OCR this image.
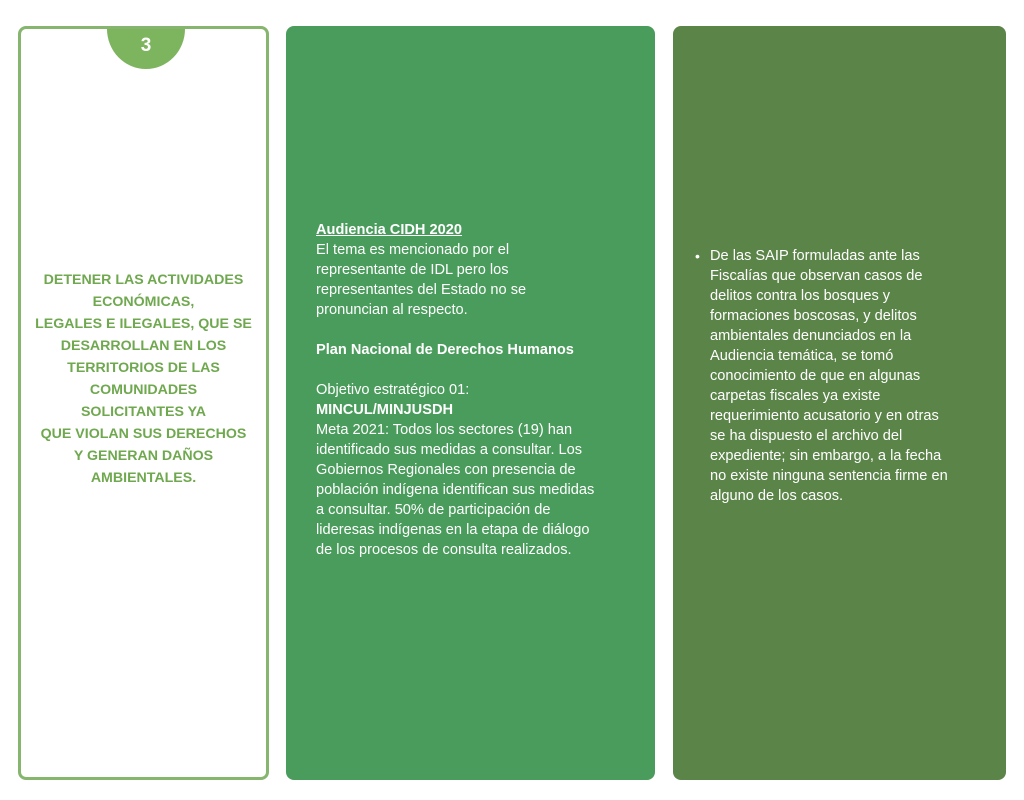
3
DETENER LAS ACTIVIDADES
ECONÓMICAS,
LEGALES E ILEGALES, QUE SE
DESARROLLAN EN LOS
TERRITORIOS DE LAS
COMUNIDADES
SOLICITANTES YA
QUE VIOLAN SUS DERECHOS
Y GENERAN DAÑOS
AMBIENTALES.
Audiencia CIDH 2020
El tema es mencionado por el
representante de IDL pero los
representantes del Estado no se
pronuncian al respecto.
Plan Nacional de Derechos Humanos
Objetivo estratégico 01:
MINCUL/MINJUSDH
Meta 2021: Todos los sectores (19) han
identificado sus medidas a consultar. Los
Gobiernos Regionales con presencia de
población indígena identifican sus medidas
a consultar. 50% de participación de
lideresas indígenas en la etapa de diálogo
de los procesos de consulta realizados.
• De las SAIP formuladas ante las
Fiscalías que observan casos de
delitos contra los bosques y
formaciones boscosas, y delitos
ambientales denunciados en la
Audiencia temática, se tomó
conocimiento de que en algunas
carpetas fiscales ya existe
requerimiento acusatorio y en otras
se ha dispuesto el archivo del
expediente; sin embargo, a la fecha
no existe ninguna sentencia firme en
alguno de los casos.
